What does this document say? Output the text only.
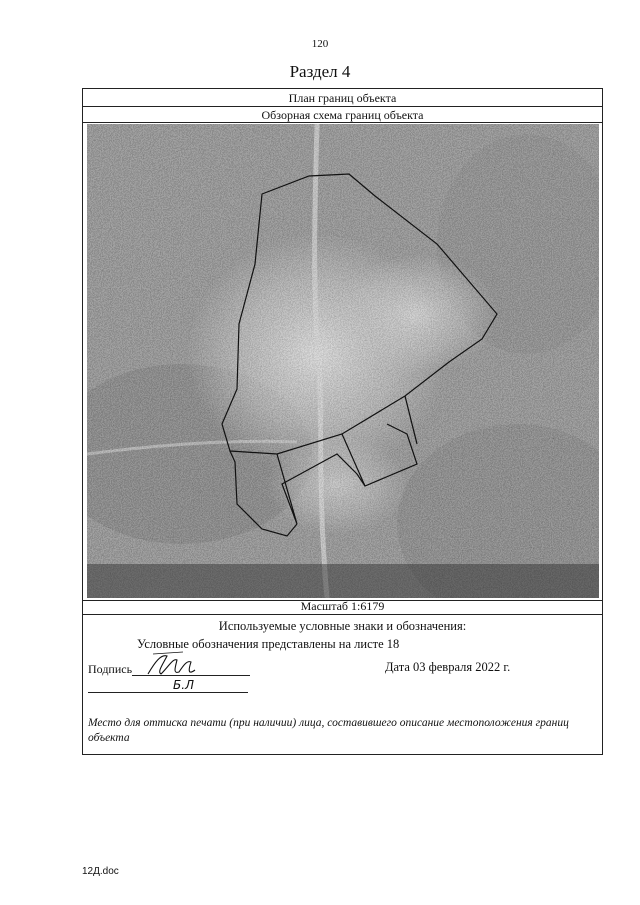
120
Раздел 4
План границ объекта
Обзорная схема границ объекта
Масштаб 1:6179
Используемые условные знаки и обозначения:
Условные обозначения представлены на листе 18
Подпись	Дата 03 февраля 2022 г.
Б.Л
Место для оттиска печати (при наличии) лица, составившего описание местоположения границ объекта
12Д.doc
